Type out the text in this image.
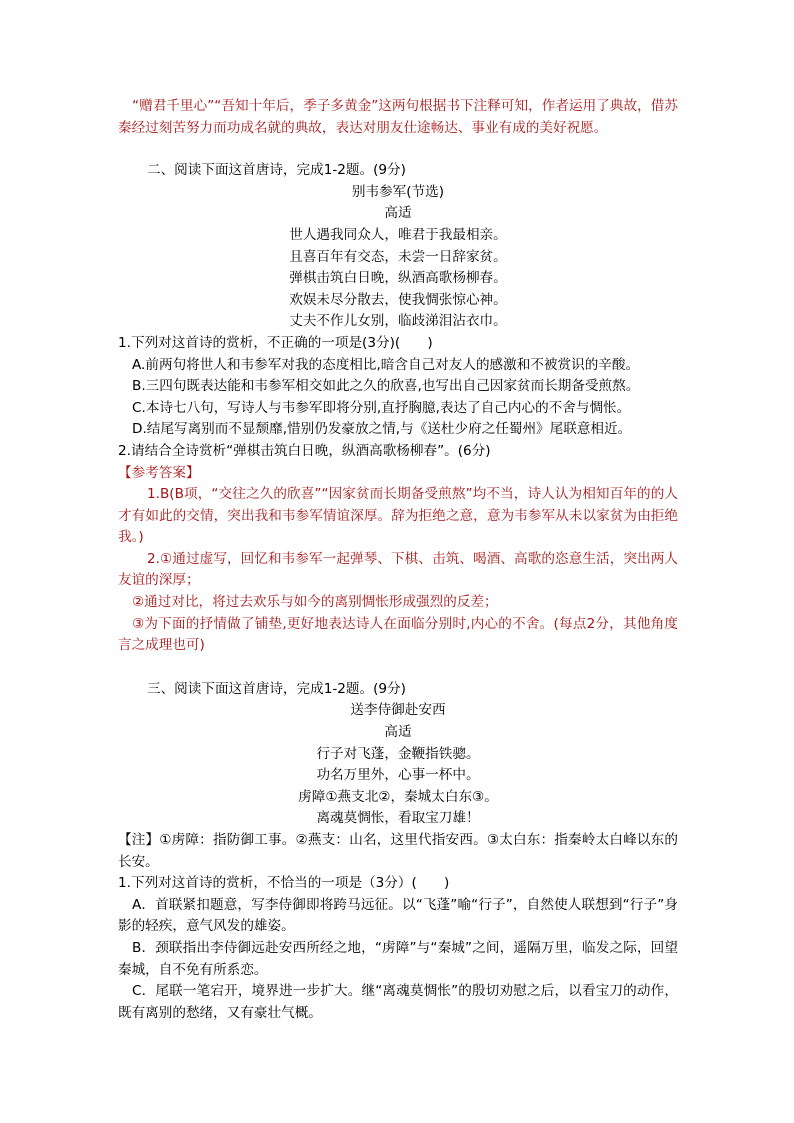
“赠君千里心”“吾知十年后，季子多黄金”这两句根据书下注释可知，作者运用了典故，借苏秦经过刻苦努力而功成名就的典故，表达对朋友仕途畅达、事业有成的美好祝愿。

二、阅读下面这首唐诗，完成1-2题。(9分)

别韦参军(节选)

高适

世人遇我同众人，唯君于我最相亲。

且喜百年有交态，未尝一日辞家贫。

弹棋击筑白日晚，纵酒高歌杨柳春。

欢娱未尽分散去，使我惆张惊心神。

丈夫不作儿女别，临歧涕泪沾衣巾。

1.下列对这首诗的赏析，不正确的一项是(3分)(　　)

A.前两句将世人和韦参军对我的态度相比,暗含自己对友人的感激和不被赏识的辛酸。

B.三四句既表达能和韦参军相交如此之久的欣喜,也写出自己因家贫而长期备受煎熬。

C.本诗七八句，写诗人与韦参军即将分别,直抒胸臆,表达了自己内心的不舍与惆怅。

D.结尾写离别而不显颓靡,惜别仍发豪放之情,与《送杜少府之任蜀州》尾联意相近。

2.请结合全诗赏析“弹棋击筑白日晚，纵酒高歌杨柳春”。(6分)

【参考答案】

1.B(B项，“交往之久的欣喜”“因家贫而长期备受煎熬”均不当，诗人认为相知百年的的人才有如此的交情，突出我和韦参军情谊深厚。辞为拒绝之意，意为韦参军从未以家贫为由拒绝我。)

2.①通过虚写，回忆和韦参军一起弹琴、下棋、击筑、喝酒、高歌的恣意生活，突出两人友谊的深厚；

②通过对比，将过去欢乐与如今的离别惆怅形成强烈的反差；

③为下面的抒情做了铺垫,更好地表达诗人在面临分别时,内心的不舍。(每点2分，其他角度言之成理也可)

三、阅读下面这首唐诗，完成1-2题。(9分)

送李侍御赴安西

高适

行子对飞蓬，金鞭指铁骢。

功名万里外，心事一杯中。

虏障①燕支北②，秦城太白东③。

离魂莫惆怅，看取宝刀雄！

【注】①虏障：指防御工事。②燕支：山名，这里代指安西。③太白东：指秦岭太白峰以东的长安。

1.下列对这首诗的赏析，不恰当的一项是（3分）(　　)

A．首联紧扣题意，写李侍御即将跨马远征。以“飞蓬”喻“行子”，自然使人联想到“行子”身影的轻疾，意气风发的雄姿。

B．颈联指出李侍御远赴安西所经之地，“虏障”与“秦城”之间，遥隔万里，临发之际，回望秦城，自不免有所系恋。

C．尾联一笔宕开，境界进一步扩大。继“离魂莫惆怅”的殷切劝慰之后，以看宝刀的动作，既有离别的愁绪，又有豪壮气概。
